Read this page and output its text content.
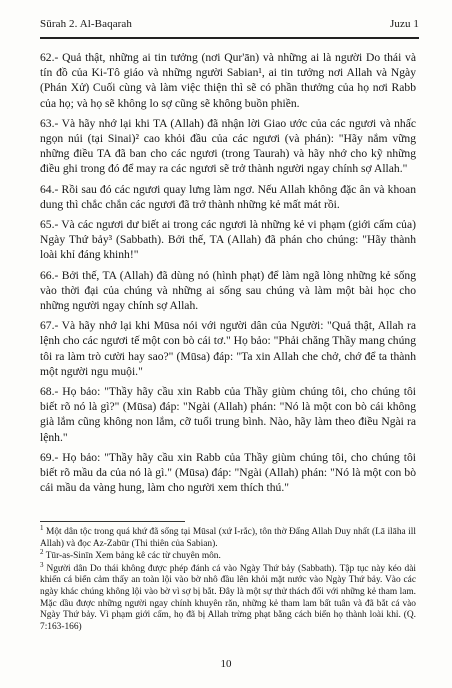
Sūrah 2. Al-Baqarah	Juzu 1

62.- Quả thật, những ai tin tưởng (nơi Qur'ān) và những ai là người Do thái và tín đồ của Ki-Tô giáo và những người Sabian¹, ai tin tưởng nơi Allah và Ngày (Phán Xử) Cuối cùng và làm việc thiện thì sẽ có phần thưởng của họ nơi Rabb của họ; và họ sẽ không lo sợ cũng sẽ không buồn phiền.

63.- Và hãy nhớ lại khi TA (Allah) đã nhận lời Giao ước của các ngươi và nhấc ngọn núi (tại Sinai)² cao khỏi đầu của các ngươi (và phán): "Hãy nắm vững những điều TA đã ban cho các ngươi (trong Taurah) và hãy nhớ cho kỹ những điều ghi trong đó để may ra các ngươi sẽ trở thành người ngay chính sợ Allah."

64.- Rồi sau đó các ngươi quay lưng làm ngơ. Nếu Allah không đặc ân và khoan dung thì chắc chắn các ngươi đã trở thành những kẻ mất mát rồi.

65.- Và các ngươi dư biết ai trong các ngươi là những kẻ vi phạm (giới cấm của) Ngày Thứ bảy³ (Sabbath). Bởi thế, TA (Allah) đã phán cho chúng: "Hãy thành loài khỉ đáng khinh!"

66.- Bởi thế, TA (Allah) đã dùng nó (hình phạt) để làm ngã lòng những kẻ sống vào thời đại của chúng và những ai sống sau chúng và làm một bài học cho những người ngay chính sợ Allah.

67.- Và hãy nhớ lại khi Mūsa nói với người dân của Người: "Quả thật, Allah ra lệnh cho các ngươi tế một con bò cái tơ." Họ bảo: "Phải chăng Thầy mang chúng tôi ra làm trò cười hay sao?" (Mūsa) đáp: "Ta xin Allah che chở, chớ để ta thành một người ngu muội."

68.- Họ bảo: "Thầy hãy cầu xin Rabb của Thầy giùm chúng tôi, cho chúng tôi biết rõ nó là gì?" (Mūsa) đáp: "Ngài (Allah) phán: "Nó là một con bò cái không già lắm cũng không non lắm, cỡ tuổi trung bình. Nào, hãy làm theo điều Ngài ra lệnh."

69.- Họ bảo: "Thầy hãy cầu xin Rabb của Thầy giùm chúng tôi, cho chúng tôi biết rõ mầu da của nó là gì." (Mūsa) đáp: "Ngài (Allah) phán: "Nó là một con bò cái mầu da vàng hung, làm cho người xem thích thú."

$^1$ Một dân tộc trong quá khứ đã sống tại Mūsal (xứ I-rắc), tôn thờ Đấng Allah Duy nhất (Lā ilāha ill Allah) và đọc Az-Zabūr (Thi thiên của Sabian).

$^2$ Tūr-as-Sinīn Xem bảng kê các từ chuyên môn.

$^3$ Người dân Do thái không được phép đánh cá vào Ngày Thứ bảy (Sabbath). Tập tục này kéo dài khiến cá biển cảm thấy an toàn lội vào bờ nhô đầu lên khỏi mặt nước vào Ngày Thứ bảy. Vào các ngày khác chúng không lội vào bờ vì sợ bị bắt. Đây là một sự thử thách đối với những kẻ tham lam. Mặc dầu được những người ngay chính khuyên răn, những kẻ tham lam bất tuân và đã bắt cá vào Ngày Thứ bảy. Vì phạm giới cấm, họ đã bị Allah trừng phạt bằng cách biến họ thành loài khỉ. (Q. 7:163-166)

10
